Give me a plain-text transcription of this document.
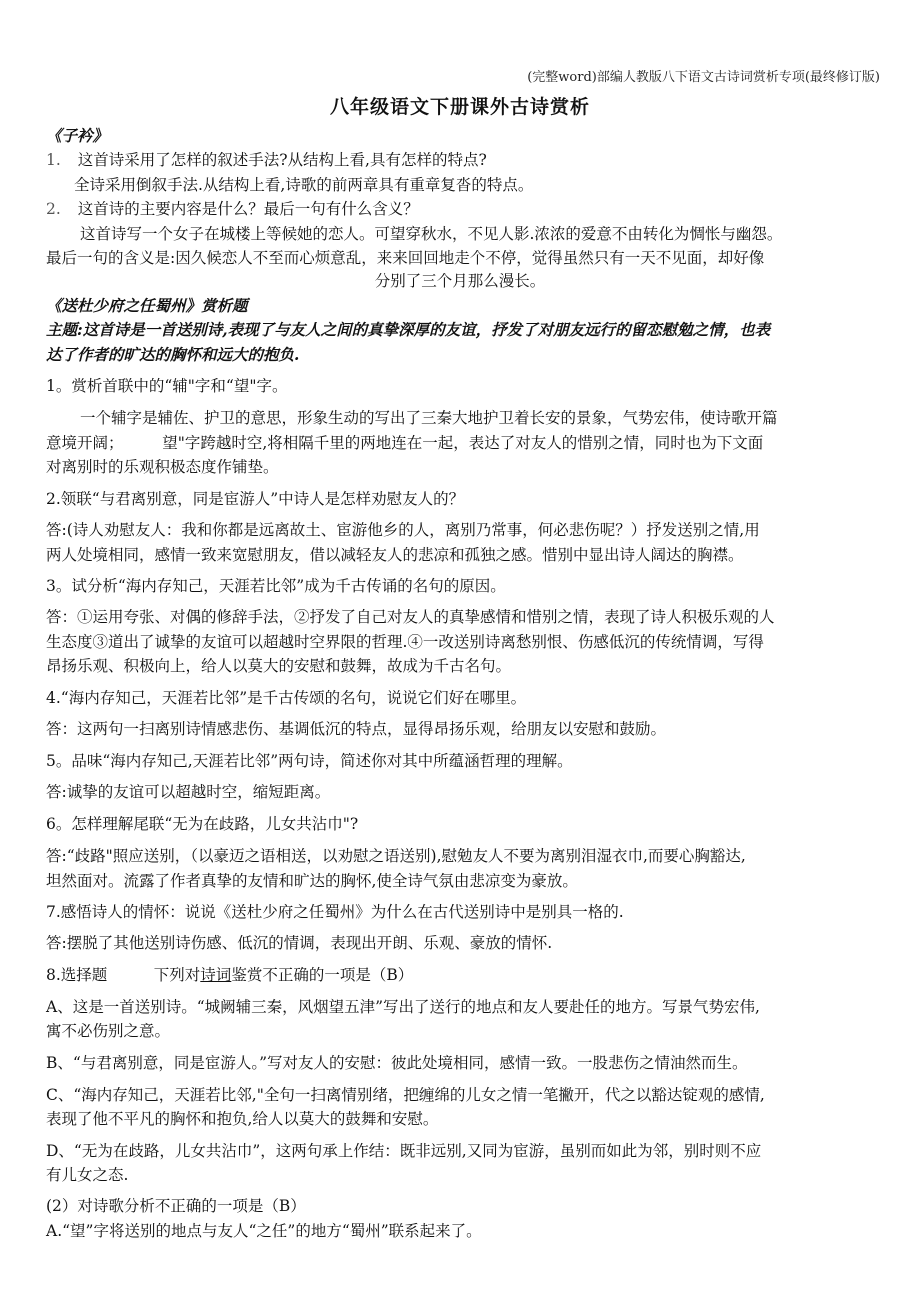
(完整word)部编人教版八下语文古诗词赏析专项(最终修订版)
八年级语文下册课外古诗赏析
《子衿》
1. 这首诗采用了怎样的叙述手法?从结构上看,具有怎样的特点?
全诗采用倒叙手法.从结构上看,诗歌的前两章具有重章复沓的特点。
2. 这首诗的主要内容是什么？最后一句有什么含义？
这首诗写一个女子在城楼上等候她的恋人。可望穿秋水，不见人影.浓浓的爱意不由转化为惆怅与幽怨。
最后一句的含义是:因久候恋人不至而心烦意乱，来来回回地走个不停，觉得虽然只有一天不见面，却好像
分别了三个月那么漫长。
《送杜少府之任蜀州》赏析题
主题:这首诗是一首送别诗,表现了与友人之间的真挚深厚的友谊，抒发了对朋友远行的留恋慰勉之情，也表
达了作者的旷达的胸怀和远大的抱负.
1。赏析首联中的“辅"字和“望"字。
一个辅字是辅佐、护卫的意思，形象生动的写出了三秦大地护卫着长安的景象，气势宏伟，使诗歌开篇
意境开阔；　　　望"字跨越时空,将相隔千里的两地连在一起，表达了对友人的惜别之情，同时也为下文面
对离别时的乐观积极态度作铺垫。
2.领联“与君离别意，同是宦游人”中诗人是怎样劝慰友人的？
答:(诗人劝慰友人：我和你都是远离故土、宦游他乡的人，离别乃常事，何必悲伤呢？）抒发送别之情,用
两人处境相同，感情一致来宽慰朋友，借以减轻友人的悲凉和孤独之感。惜别中显出诗人阔达的胸襟。
3。试分析“海内存知己，天涯若比邻”成为千古传诵的名句的原因。
答：①运用夸张、对偶的修辞手法，②抒发了自己对友人的真挚感情和惜别之情，表现了诗人积极乐观的人
生态度③道出了诚挚的友谊可以超越时空界限的哲理.④一改送别诗离愁别恨、伤感低沉的传统情调，写得
昂扬乐观、积极向上，给人以莫大的安慰和鼓舞，故成为千古名句。
4.“海内存知己，天涯若比邻”是千古传颂的名句，说说它们好在哪里。
答：这两句一扫离别诗情感悲伤、基调低沉的特点，显得昂扬乐观，给朋友以安慰和鼓励。
5。品味“海内存知己,天涯若比邻”两句诗，简述你对其中所蕴涵哲理的理解。
答:诚挚的友谊可以超越时空，缩短距离。
6。怎样理解尾联“无为在歧路，儿女共沾巾"?
答:“歧路"照应送别，（以豪迈之语相送，以劝慰之语送别),慰勉友人不要为离别泪湿衣巾,而要心胸豁达,
坦然面对。流露了作者真挚的友情和旷达的胸怀,使全诗气氛由悲凉变为豪放。
7.感悟诗人的情怀：说说《送杜少府之任蜀州》为什么在古代送别诗中是别具一格的.
答:摆脱了其他送别诗伤感、低沉的情调，表现出开朗、乐观、豪放的情怀.
8.选择题　　　下列对诗词鉴赏不正确的一项是（B）
A、这是一首送别诗。“城阙辅三秦，风烟望五津”写出了送行的地点和友人要赴任的地方。写景气势宏伟,
寓不必伤别之意。
B、“与君离别意，同是宦游人。”写对友人的安慰：彼此处境相同，感情一致。一股悲伤之情油然而生。
C、“海内存知己，天涯若比邻,"全句一扫离情别绪，把缠绵的儿女之情一笔撇开，代之以豁达锭观的感情,
表现了他不平凡的胸怀和抱负,给人以莫大的鼓舞和安慰。
D、“无为在歧路，儿女共沾巾”，这两句承上作结：既非远别,又同为宦游，虽别而如此为邻，别时则不应
有儿女之态.
(2）对诗歌分析不正确的一项是（B）
A.“望”字将送别的地点与友人“之任”的地方“蜀州”联系起来了。
